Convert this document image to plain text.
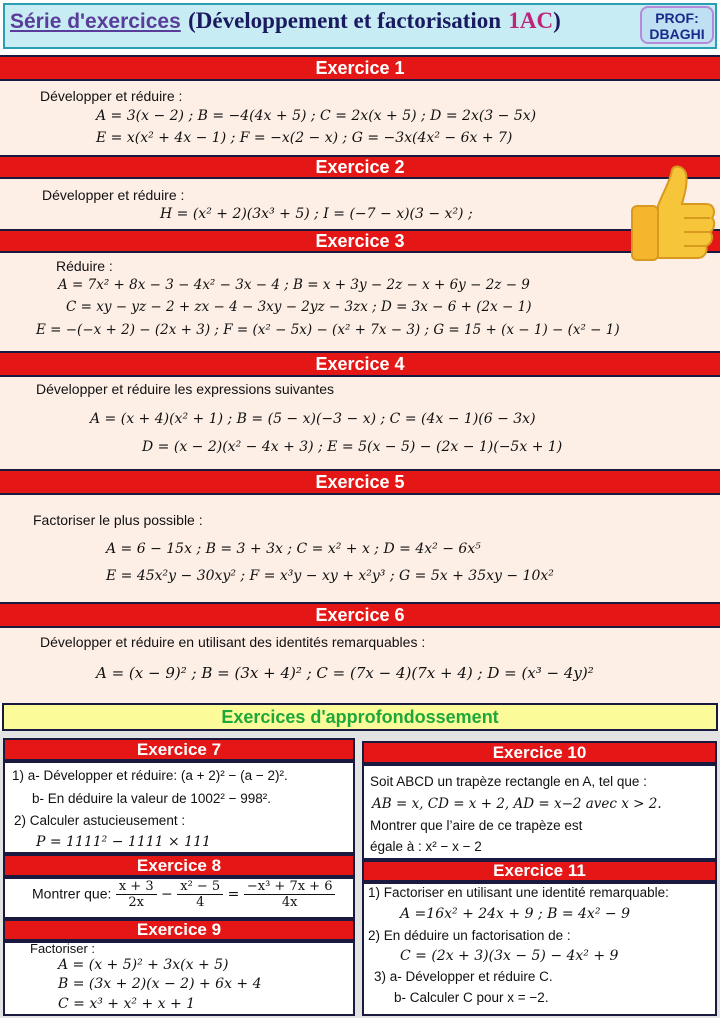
Série d'exercices (Développement et factorisation 1AC)	PROF:
DBAGHI
Exercice 1
Développer et réduire :
A = 3(x − 2) ; B = −4(4x + 5) ; C = 2x(x + 5) ; D = 2x(3 − 5x)
E = x(x² + 4x − 1) ; F = −x(2 − x) ; G = −3x(4x² − 6x + 7)
Exercice 2
Développer et réduire :
H = (x² + 2)(3x³ + 5) ; I = (−7 − x)(3 − x²) ;
Exercice 3
Réduire :
A = 7x² + 8x − 3 − 4x² − 3x − 4 ; B = x + 3y − 2z − x + 6y − 2z − 9
C = xy − yz − 2 + zx − 4 − 3xy − 2yz − 3zx ; D = 3x − 6 + (2x − 1)
E = −(−x + 2) − (2x + 3) ; F = (x² − 5x) − (x² + 7x − 3) ; G = 15 + (x − 1) − (x² − 1)
Exercice 4
Développer et réduire les expressions suivantes
A = (x + 4)(x² + 1) ; B = (5 − x)(−3 − x) ; C = (4x − 1)(6 − 3x)
D = (x − 2)(x² − 4x + 3) ; E = 5(x − 5) − (2x − 1)(−5x + 1)
Exercice 5
Factoriser le plus possible :
A = 6 − 15x ; B = 3 + 3x ; C = x² + x ; D = 4x² − 6x⁵
E = 45x²y − 30xy² ; F = x³y − xy + x²y³ ; G = 5x + 35xy − 10x²
Exercice 6
Développer et réduire en utilisant des identités remarquables :
A = (x − 9)² ; B = (3x + 4)² ; C = (7x − 4)(7x + 4) ; D = (x³ − 4y)²
Exercices d'approfondossement
Exercice 7
1) a- Développer et réduire: (a + 2)² − (a − 2)².
b- En déduire la valeur de 1002² − 998².
2) Calculer astucieusement :
P = 1111² − 1111 × 111
Exercice 8
Montrer que: $\frac{x + 3}{2x} - \frac{\text{x² − 5}}{4} = \frac{\text{−x³ + 7x + 6}}{4x}$
Exercice 9
Factoriser :
A = (x + 5)² + 3x(x + 5)
B = (3x + 2)(x − 2) + 6x + 4
C = x³ + x² + x + 1
Exercice 10
Soit ABCD un trapèze rectangle en A, tel que :
AB = x, CD = x + 2, AD = x−2 avec x > 2.
Montrer que l’aire de ce trapèze est
égale à : x² − x − 2
Exercice 11
1) Factoriser en utilisant une identité remarquable:
A =16x² + 24x + 9 ; B = 4x² − 9
2) En déduire un factorisation de :
C = (2x + 3)(3x − 5) − 4x² + 9
3) a- Développer et réduire C.
b- Calculer C pour x = −2.
